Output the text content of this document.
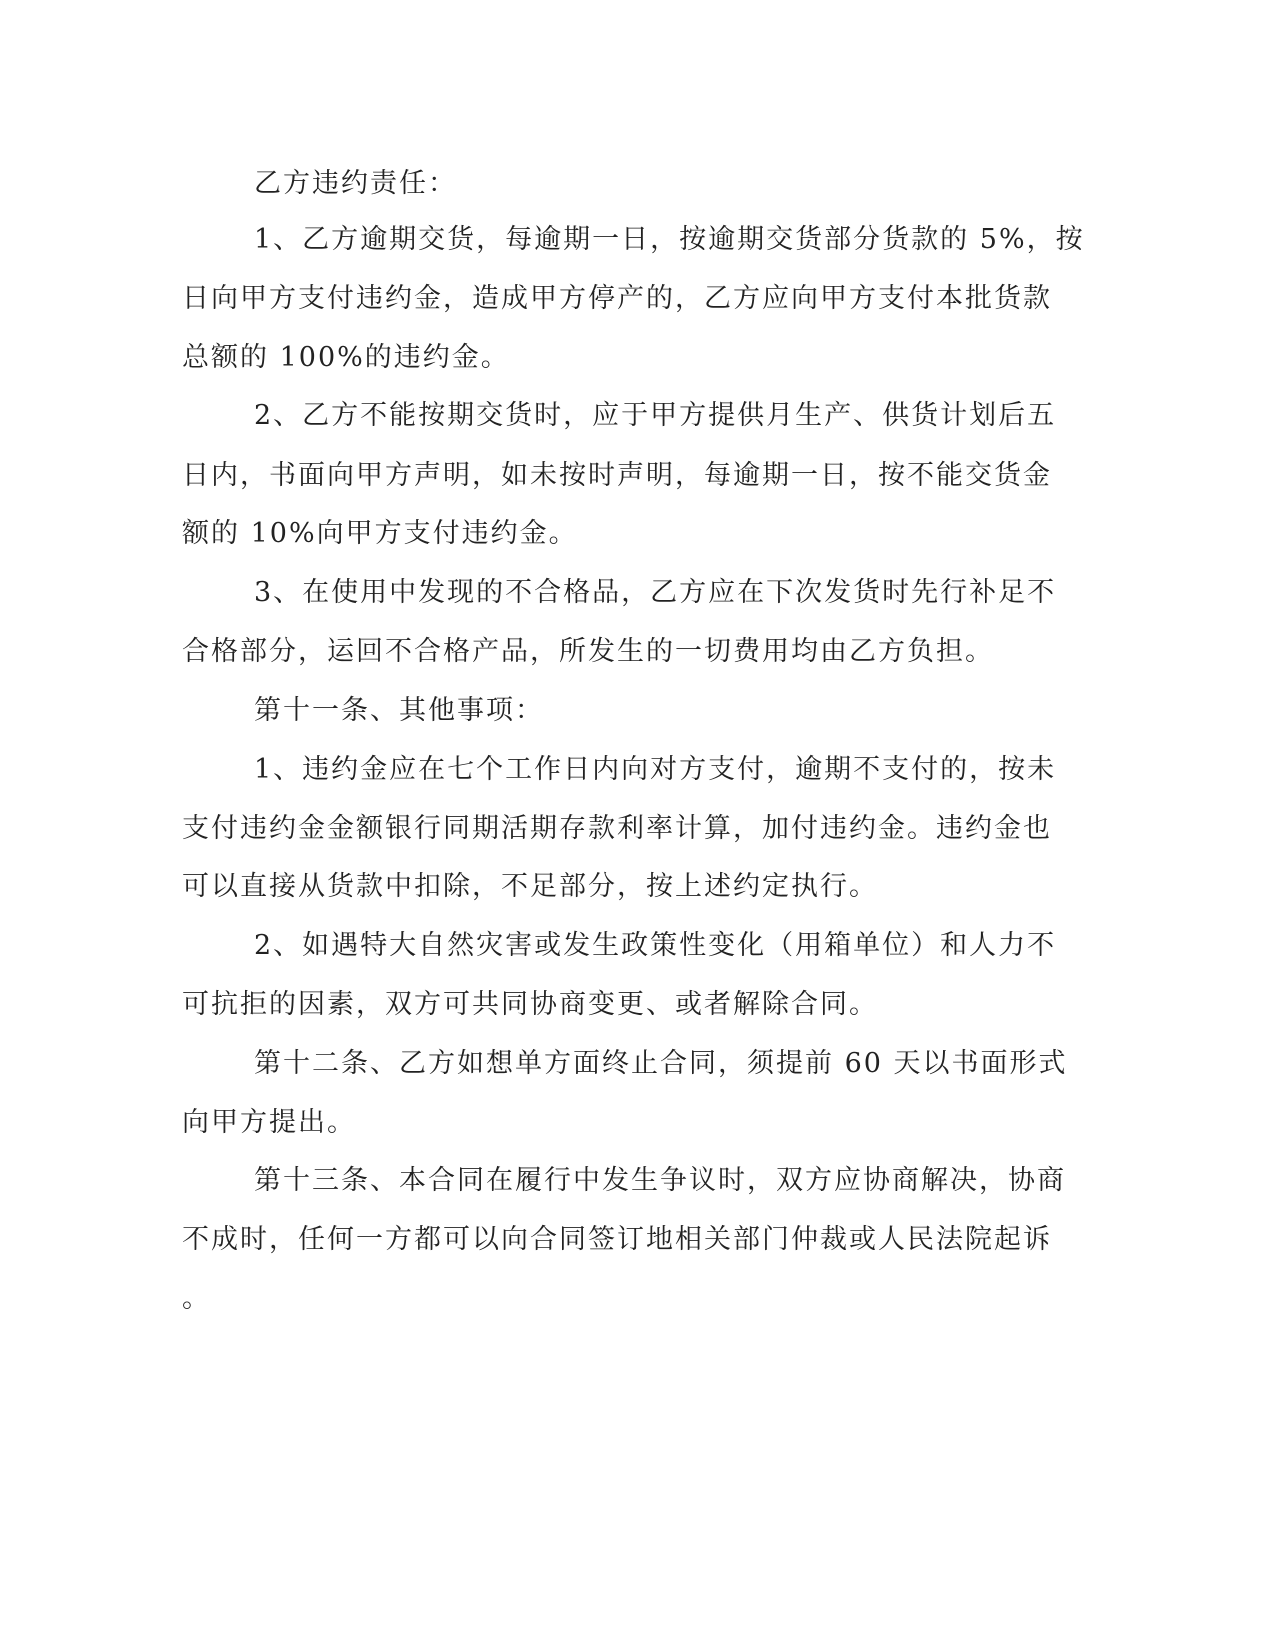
乙方违约责任：
1、乙方逾期交货，每逾期一日，按逾期交货部分货款的 5%，按
日向甲方支付违约金，造成甲方停产的，乙方应向甲方支付本批货款
总额的 100%的违约金。
2、乙方不能按期交货时，应于甲方提供月生产、供货计划后五
日内，书面向甲方声明，如未按时声明，每逾期一日，按不能交货金
额的 10%向甲方支付违约金。
3、在使用中发现的不合格品，乙方应在下次发货时先行补足不
合格部分，运回不合格产品，所发生的一切费用均由乙方负担。
第十一条、其他事项：
1、违约金应在七个工作日内向对方支付，逾期不支付的，按未
支付违约金金额银行同期活期存款利率计算，加付违约金。违约金也
可以直接从货款中扣除，不足部分，按上述约定执行。
2、如遇特大自然灾害或发生政策性变化（用箱单位）和人力不
可抗拒的因素，双方可共同协商变更、或者解除合同。
第十二条、乙方如想单方面终止合同，须提前 60 天以书面形式
向甲方提出。
第十三条、本合同在履行中发生争议时，双方应协商解决，协商
不成时，任何一方都可以向合同签订地相关部门仲裁或人民法院起诉
。
